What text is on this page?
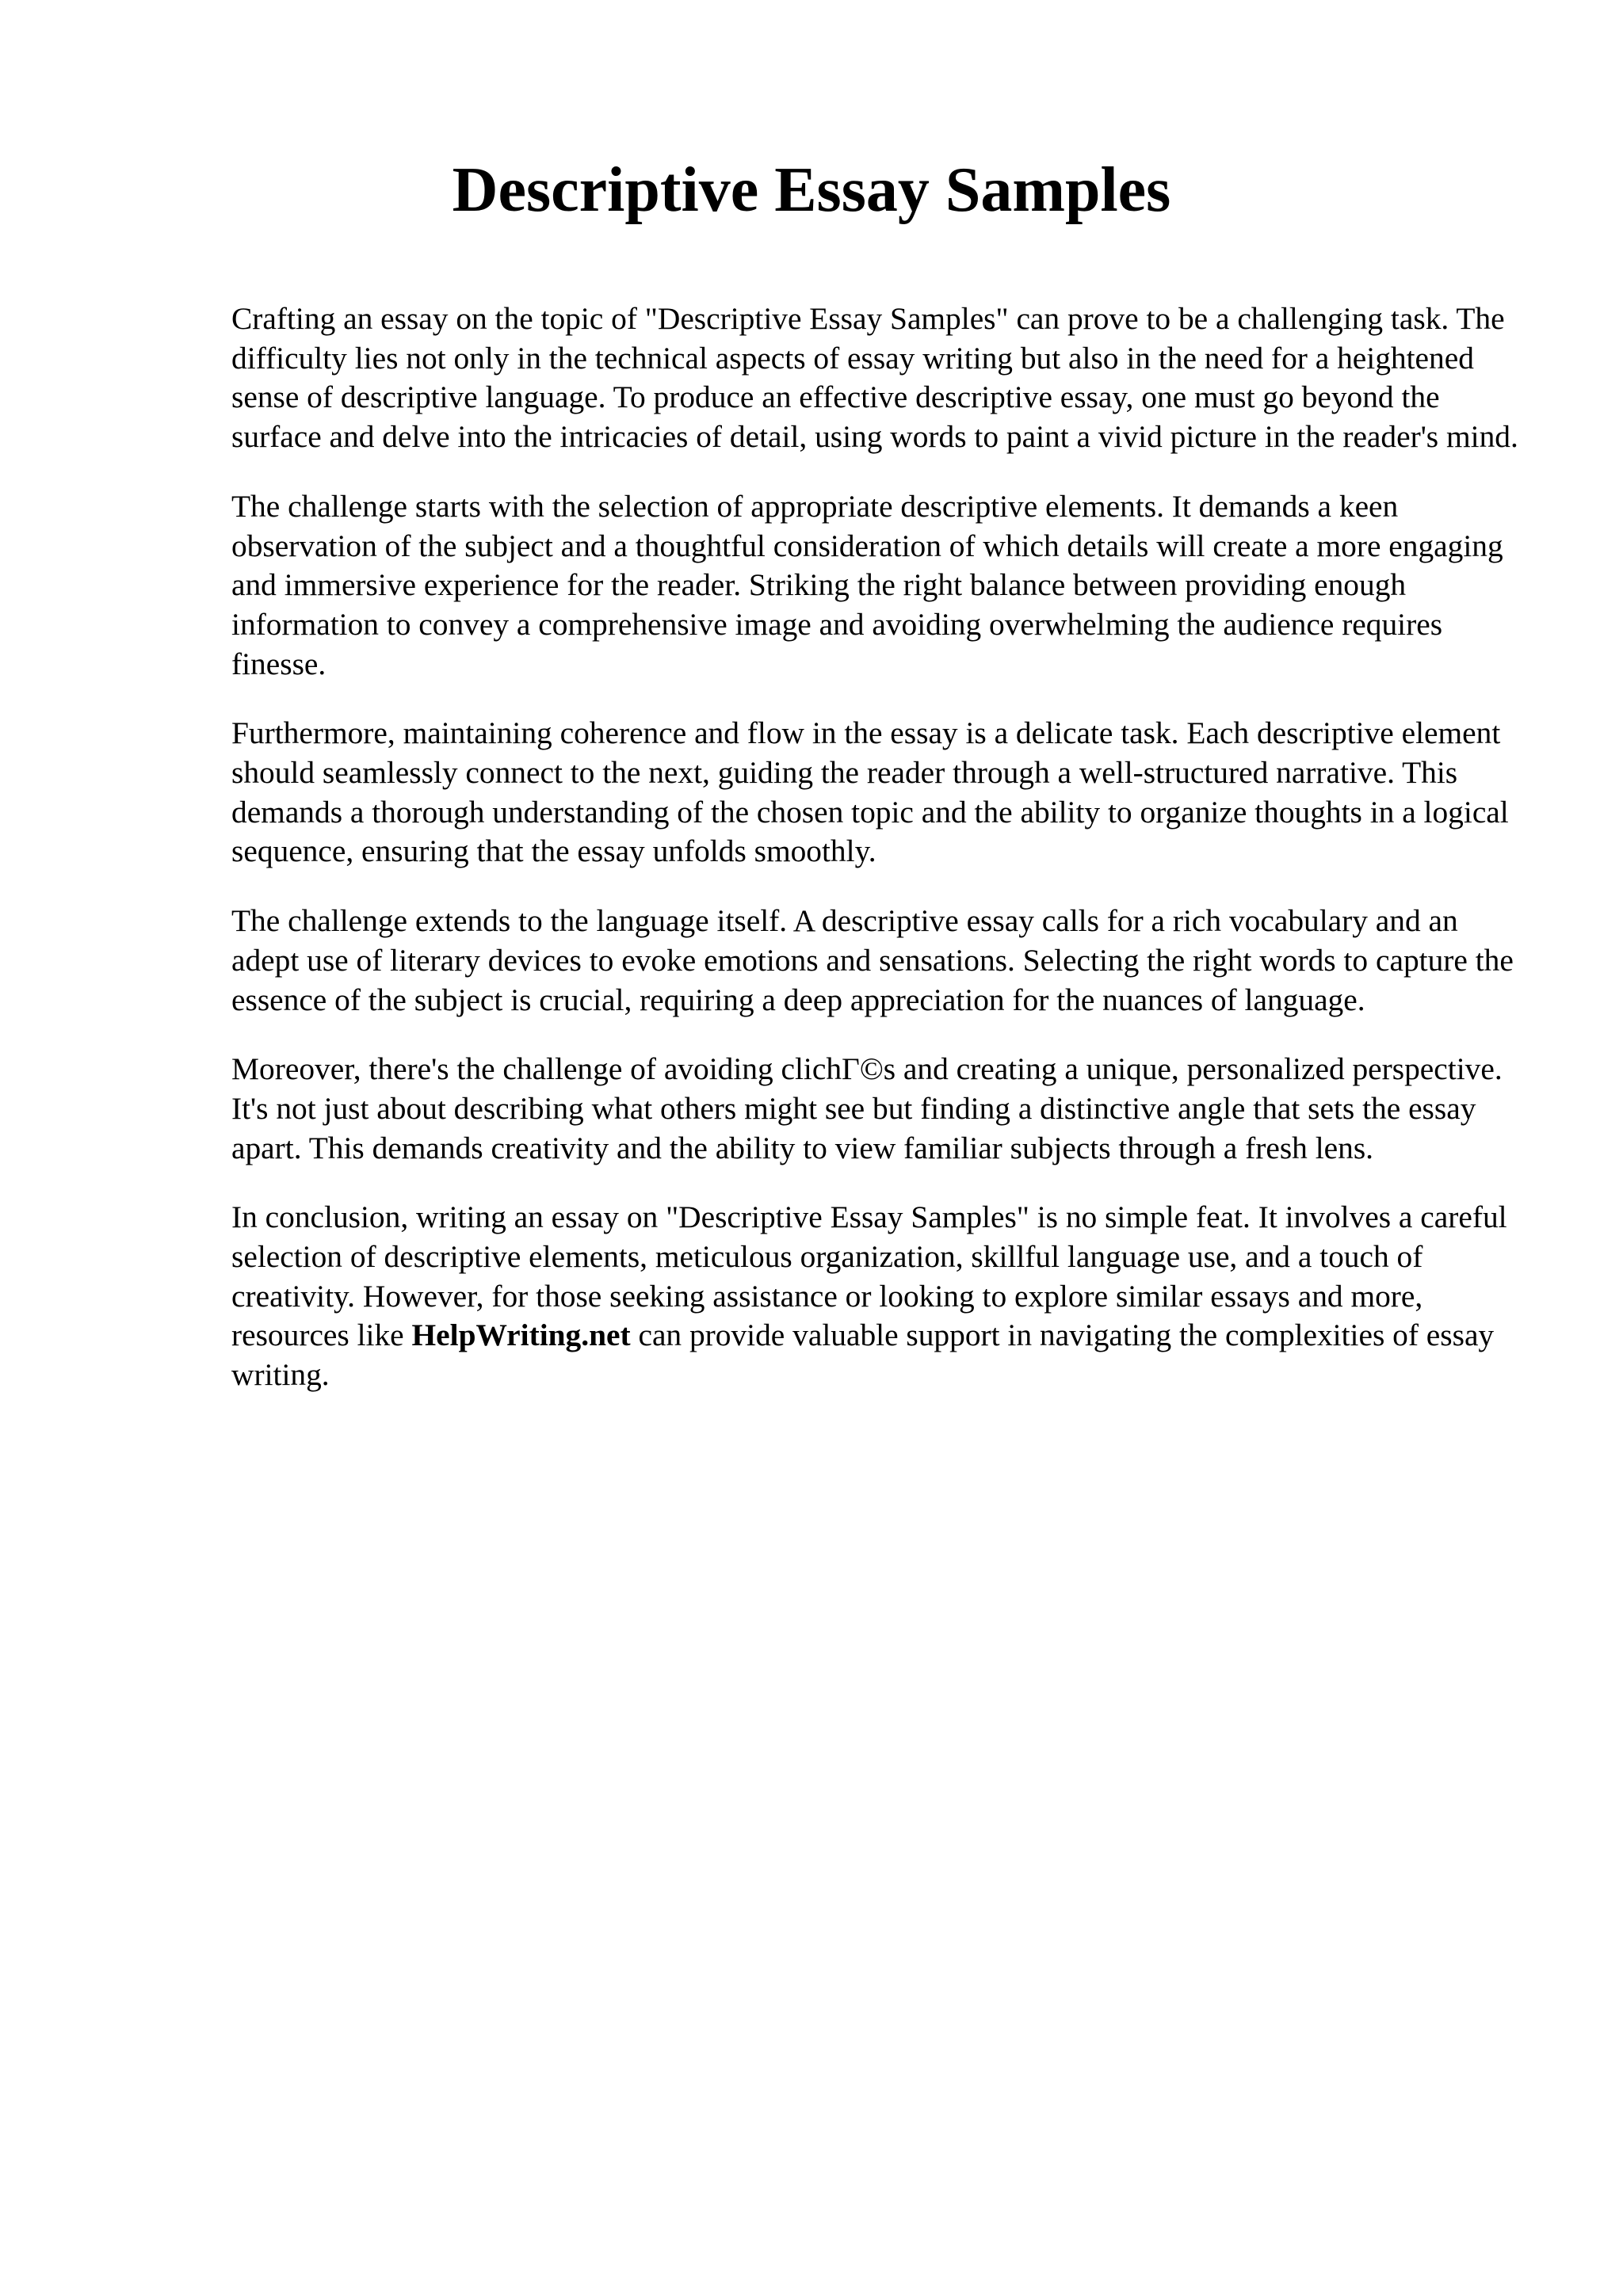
Descriptive Essay Samples

Crafting an essay on the topic of "Descriptive Essay Samples" can prove to be a challenging task. The difficulty lies not only in the technical aspects of essay writing but also in the need for a heightened sense of descriptive language. To produce an effective descriptive essay, one must go beyond the surface and delve into the intricacies of detail, using words to paint a vivid picture in the reader's mind.

The challenge starts with the selection of appropriate descriptive elements. It demands a keen observation of the subject and a thoughtful consideration of which details will create a more engaging and immersive experience for the reader. Striking the right balance between providing enough information to convey a comprehensive image and avoiding overwhelming the audience requires finesse.

Furthermore, maintaining coherence and flow in the essay is a delicate task. Each descriptive element should seamlessly connect to the next, guiding the reader through a well-structured narrative. This demands a thorough understanding of the chosen topic and the ability to organize thoughts in a logical sequence, ensuring that the essay unfolds smoothly.

The challenge extends to the language itself. A descriptive essay calls for a rich vocabulary and an adept use of literary devices to evoke emotions and sensations. Selecting the right words to capture the essence of the subject is crucial, requiring a deep appreciation for the nuances of language.

Moreover, there's the challenge of avoiding clichΓ©s and creating a unique, personalized perspective. It's not just about describing what others might see but finding a distinctive angle that sets the essay apart. This demands creativity and the ability to view familiar subjects through a fresh lens.

In conclusion, writing an essay on "Descriptive Essay Samples" is no simple feat. It involves a careful selection of descriptive elements, meticulous organization, skillful language use, and a touch of creativity. However, for those seeking assistance or looking to explore similar essays and more, resources like HelpWriting.net can provide valuable support in navigating the complexities of essay writing.
